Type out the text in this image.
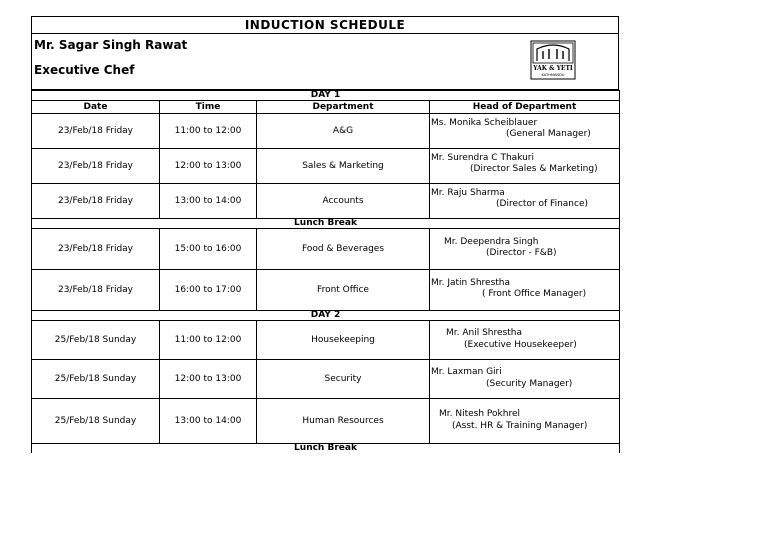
INDUCTION SCHEDULE
Mr. Sagar Singh Rawat
Executive Chef	YAK & YETI
KATHMANDU
DAY 1			
Date	Time	Department	Head of Department
23/Feb/18 Friday	11:00 to 12:00	A&G	Ms. Monika Scheiblauer
(General Manager)

23/Feb/18 Friday	12:00 to 13:00	Sales & Marketing	Mr. Surendra C Thakuri
(Director Sales & Marketing)

23/Feb/18 Friday	13:00 to 14:00	Accounts	Mr. Raju Sharma
(Director of Finance)

Lunch Break			
23/Feb/18 Friday	15:00 to 16:00	Food & Beverages	Mr. Deependra Singh
(Director - F&B)

23/Feb/18 Friday	16:00 to 17:00	Front Office	Mr. Jatin Shrestha
( Front Office Manager)

DAY 2			
25/Feb/18 Sunday	11:00 to 12:00	Housekeeping	Mr. Anil Shrestha
(Executive Housekeeper)

25/Feb/18 Sunday	12:00 to 13:00	Security	Mr. Laxman Giri
(Security Manager)

25/Feb/18 Sunday	13:00 to 14:00	Human Resources	Mr. Nitesh Pokhrel
(Asst. HR & Training Manager)

Lunch Break			
